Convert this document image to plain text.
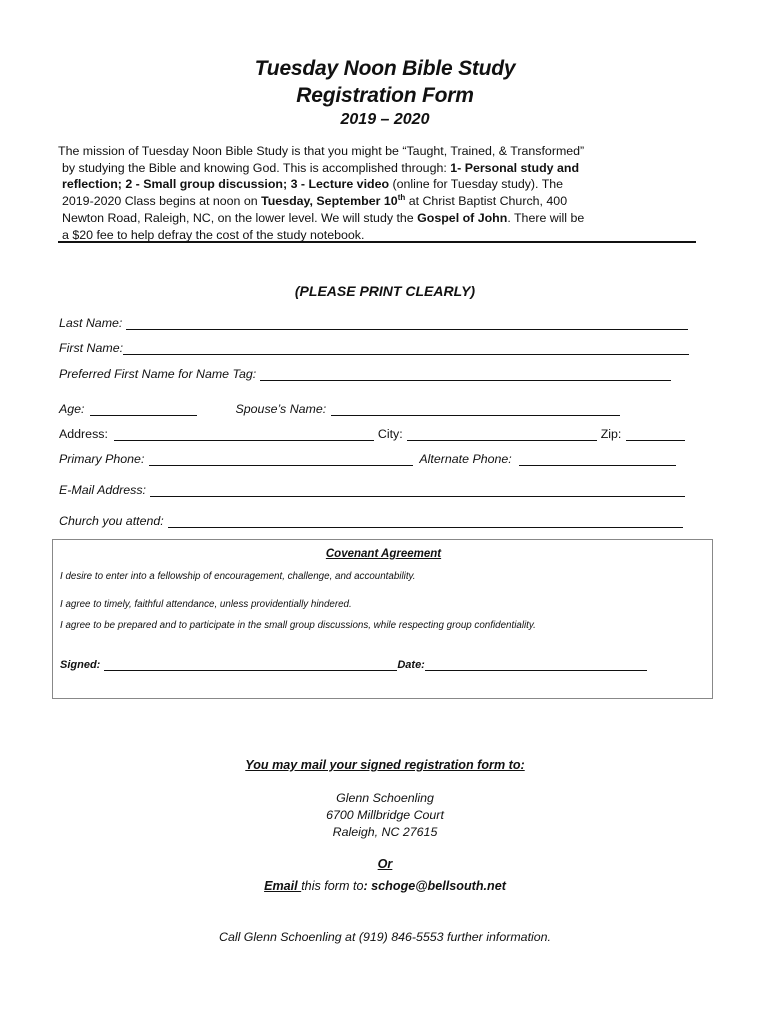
Tuesday Noon Bible Study
Registration Form
2019 – 2020
The mission of Tuesday Noon Bible Study is that you might be “Taught, Trained, & Transformed”
by studying the Bible and knowing God. This is accomplished through: 1- Personal study and
reflection; 2 - Small group discussion; 3 - Lecture video (online for Tuesday study). The
2019-2020 Class begins at noon on Tuesday, September 10th at Christ Baptist Church, 400
Newton Road, Raleigh, NC, on the lower level. We will study the Gospel of John. There will be
a $20 fee to help defray the cost of the study notebook.
(PLEASE PRINT CLEARLY)
Last Name:
First Name:
Preferred First Name for Name Tag:
Age:	Spouse’s Name:
Address:	City:	Zip:
Primary Phone:	Alternate Phone:
E-Mail Address:
Church you attend:
Covenant Agreement
I desire to enter into a fellowship of encouragement, challenge, and accountability.
I agree to timely, faithful attendance, unless providentially hindered.
I agree to be prepared and to participate in the small group discussions, while respecting group confidentiality.
Signed:	Date:
You may mail your signed registration form to:
Glenn Schoenling
6700 Millbridge Court
Raleigh, NC 27615
Or
Email this form to: schoge@bellsouth.net
Call Glenn Schoenling at (919) 846-5553 further information.
